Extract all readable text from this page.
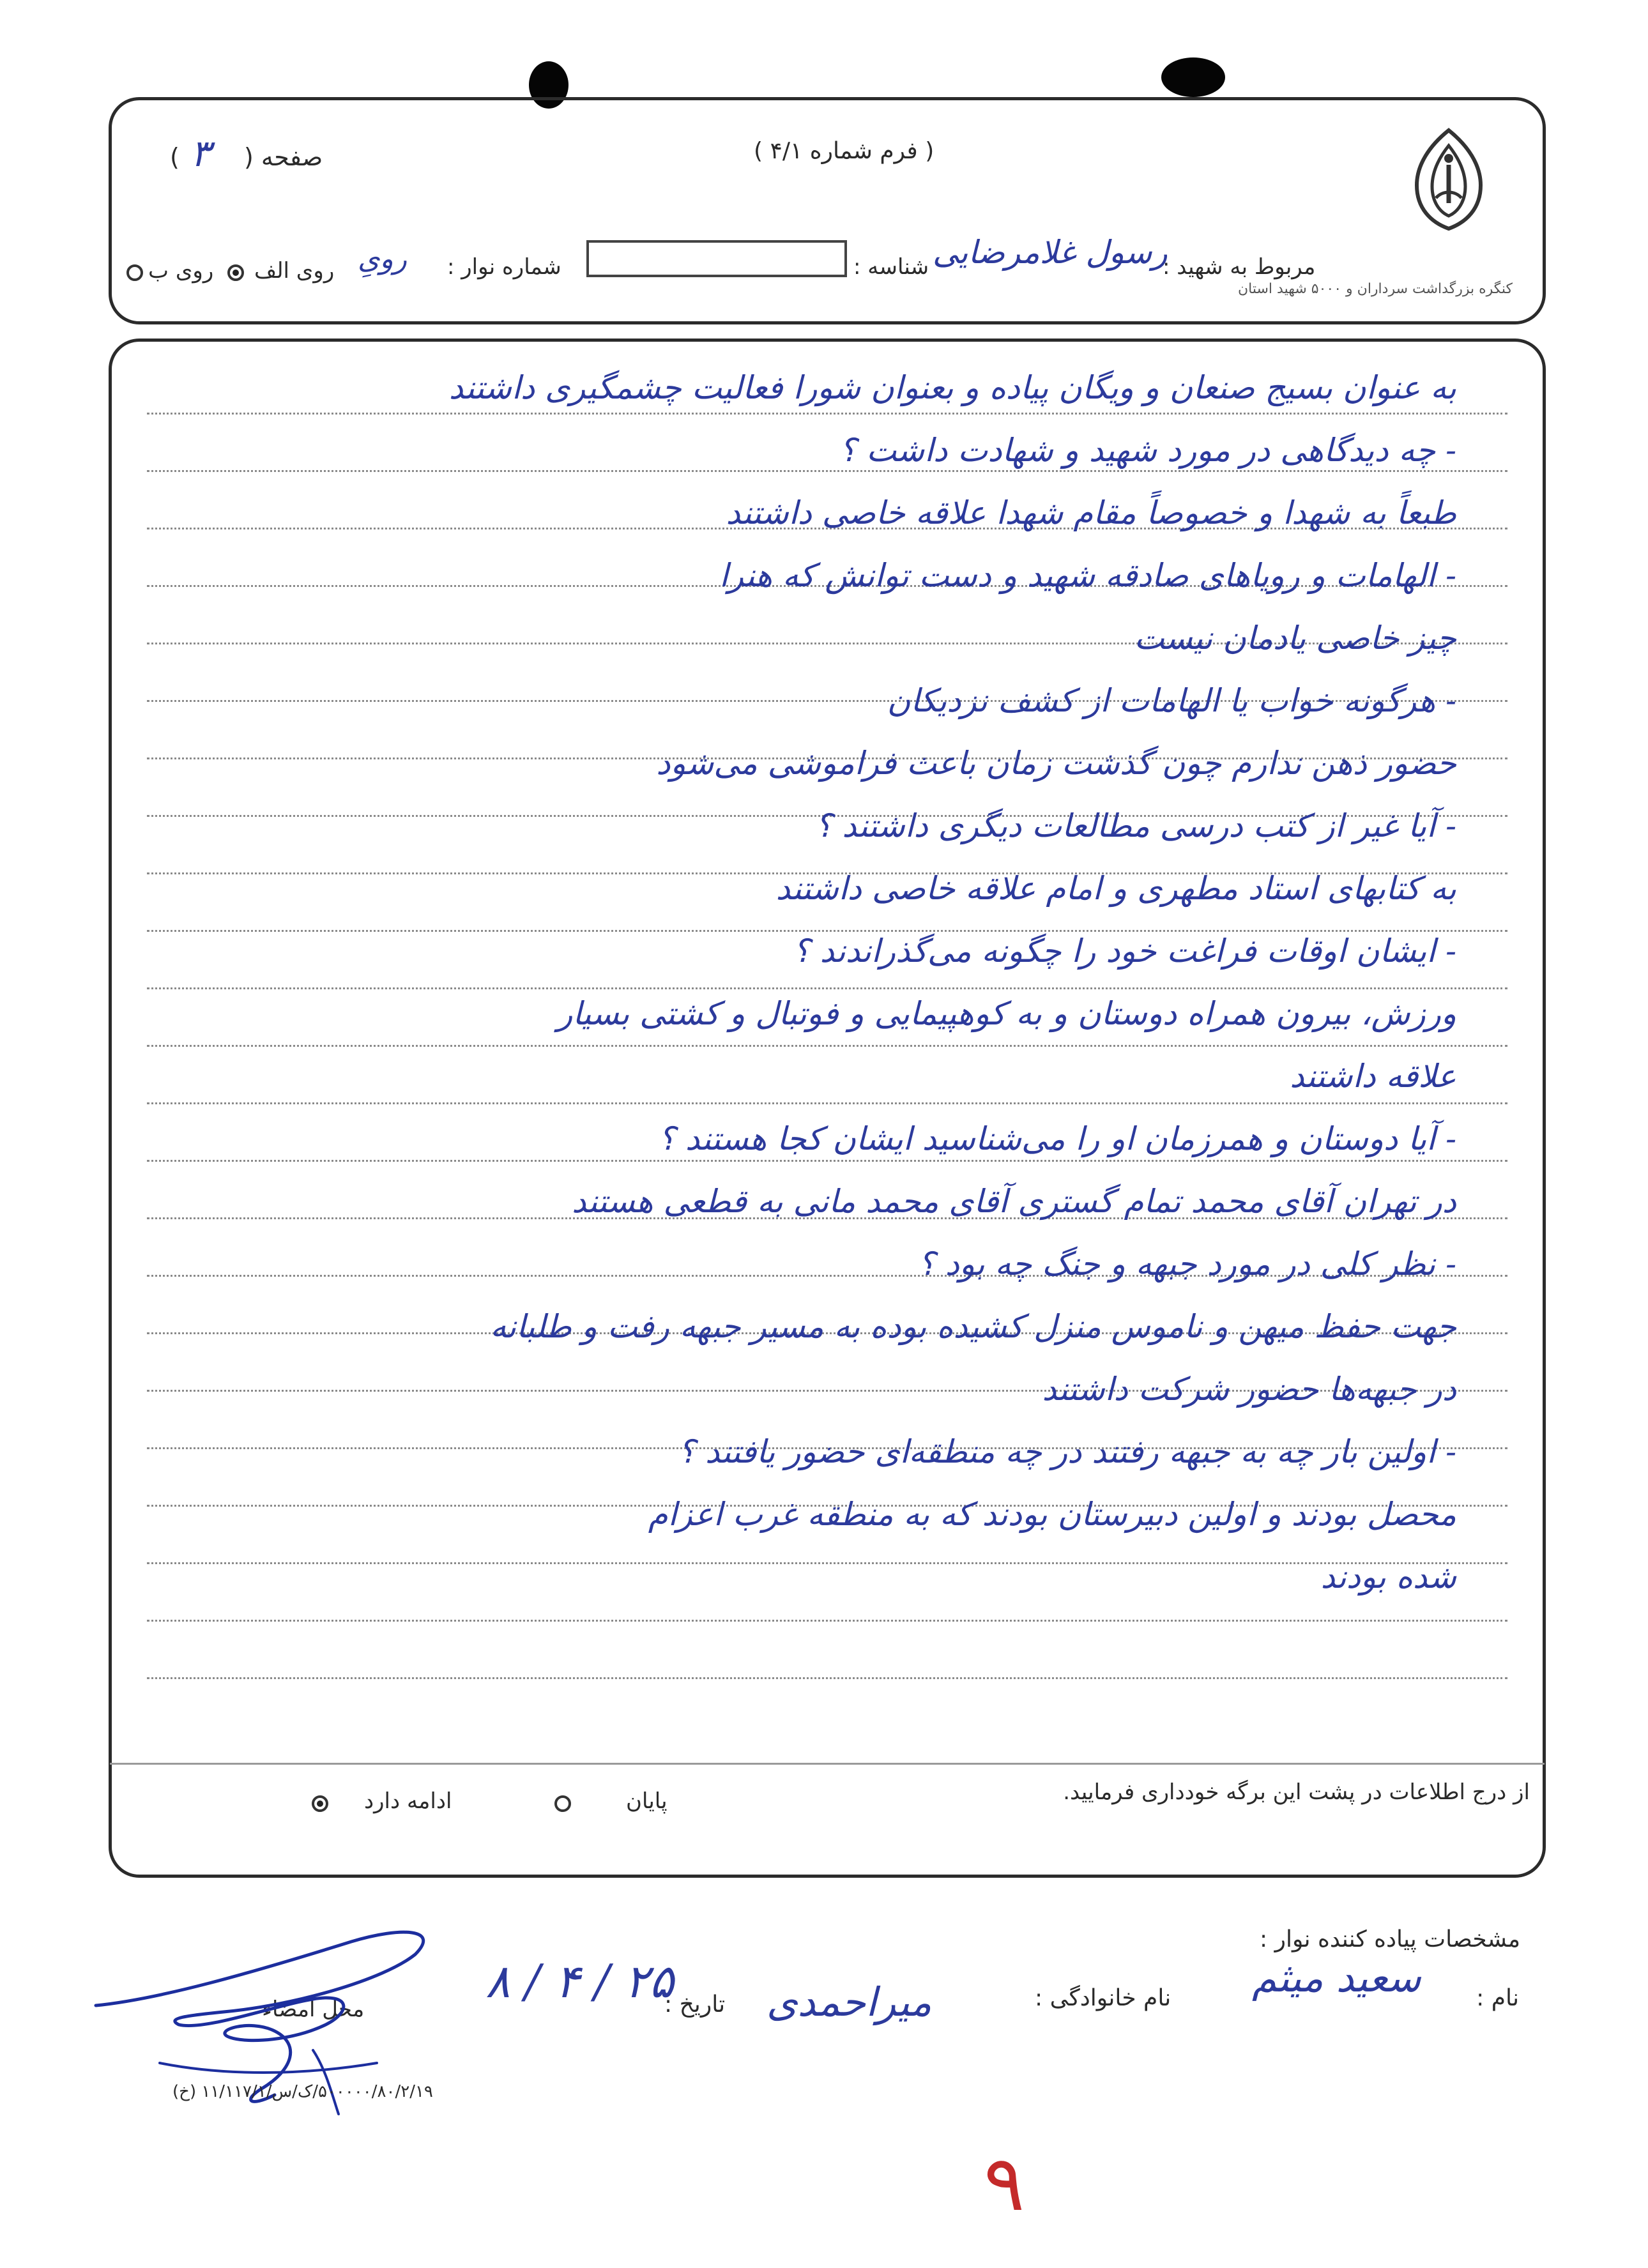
کنگره بزرگداشت سرداران و ۵۰۰۰ شهید استان
( فرم شماره ۴/۱ )
صفحه (
۳
)
مربوط به شهید :
رسول غلامرضایی
شناسه :
شماره نوار :
رویِ
روی الف
روی ب
به عنوان بسیج صنعان و ویگان پیاده و بعنوان شورا فعالیت چشمگیری داشتند
- چه دیدگاهی در مورد شهید و شهادت داشت ؟
طبعاً به شهدا و خصوصاً مقام شهدا علاقه خاصی داشتند
- الهامات و رویاهای صادقه شهید و دست توانش که هنرا
چیز خاصی یادمان نیست
- هرگونه خواب یا الهامات از کشف نزدیکان
حضور ذهن ندارم چون گذشت زمان باعث فراموشی می‌شود
- آیا غیر از کتب درسی مطالعات دیگری داشتند ؟
به کتابهای استاد مطهری و امام علاقه خاصی داشتند
- ایشان اوقات فراغت خود را چگونه می‌گذراندند ؟
ورزش، بیرون همراه دوستان و به کوهپیمایی و فوتبال و کشتی بسیار
علاقه داشتند
- آیا دوستان و همرزمان او را می‌شناسید ایشان کجا هستند ؟
در تهران آقای محمد تمام گستری آقای محمد مانی به قطعی هستند
- نظر کلی در مورد جبهه و جنگ چه بود ؟
جهت حفظ میهن و ناموس منزل کشیده بوده به مسیر جبهه رفت و طلبانه
در جبهه‌ها حضور شرکت داشتند
- اولین بار چه به جبهه رفتند در چه منطقه‌ای حضور یافتند ؟
محصل بودند و اولین دبیرستان بودند که به منطقه غرب اعزام
شده بودند
از درج اطلاعات در پشت این برگه خودداری فرمایید.
پایان
ادامه دارد
مشخصات پیاده کننده نوار :
نام :
سعید میثم
نام خانوادگی :
میراحمدی
تاریخ :
۸ / ۴ / ۲۵
محل امضاء
(خ) ۵۰۰۰۰۰/۸۰/۲/۱۹/ک/س/۱۱/۱۱۷/۱
۹
